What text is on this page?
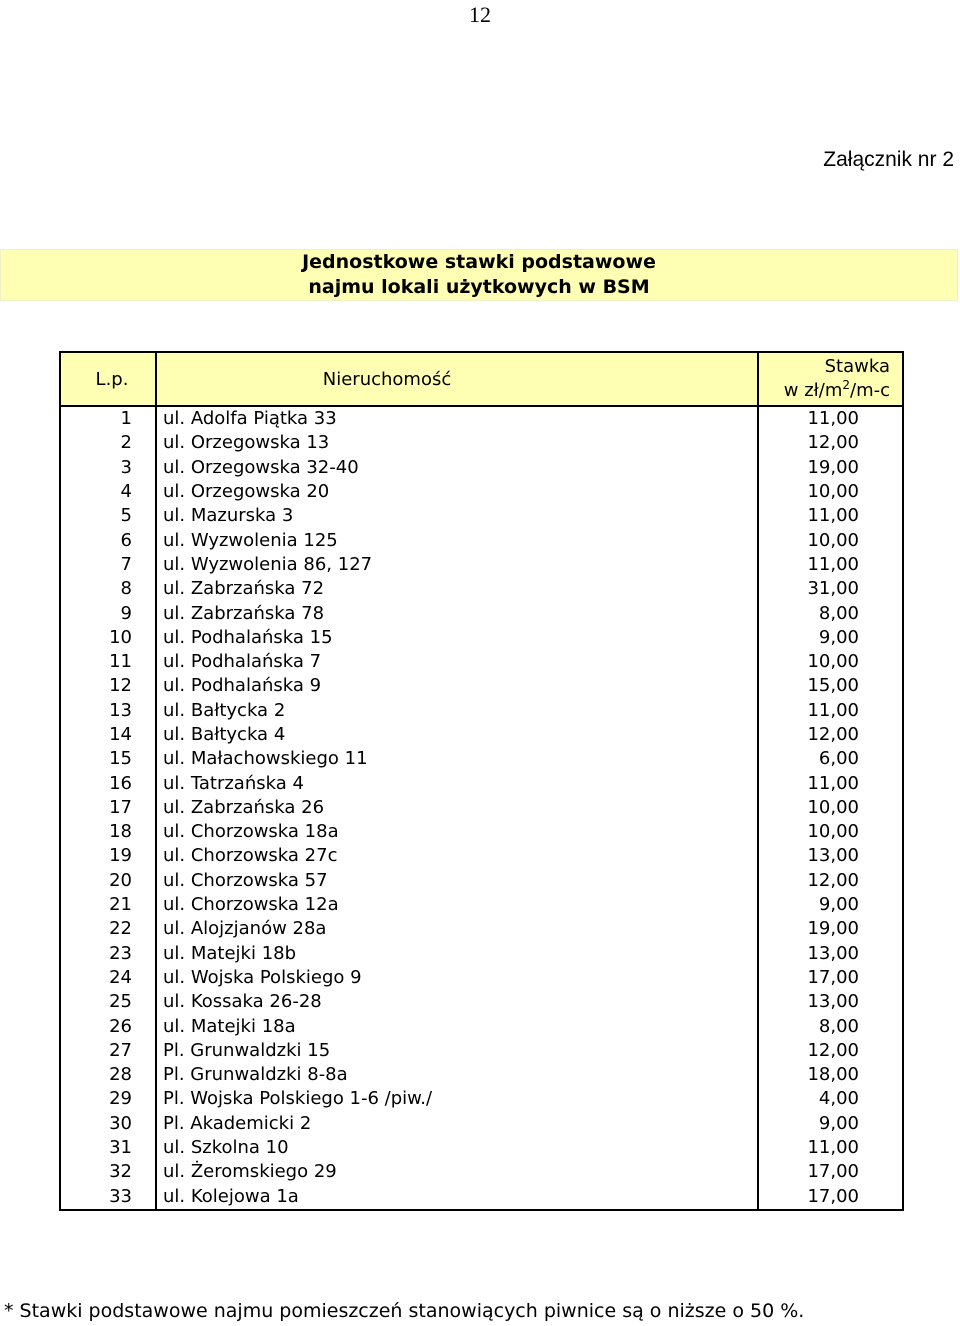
12
Załącznik nr 2
Jednostkowe stawki podstawowe
najmu lokali użytkowych w BSM
L.p.	Nieruchomość	Stawka
w $zł/m^2/m-c$

1	ul. Adolfa Piątka 33	11,00
2	ul. Orzegowska 13	12,00
3	ul. Orzegowska 32-40	19,00
4	ul. Orzegowska 20	10,00
5	ul. Mazurska 3	11,00
6	ul. Wyzwolenia 125	10,00
7	ul. Wyzwolenia 86, 127	11,00
8	ul. Zabrzańska 72	31,00
9	ul. Zabrzańska 78	8,00
10	ul. Podhalańska 15	9,00
11	ul. Podhalańska 7	10,00
12	ul. Podhalańska 9	15,00
13	ul. Bałtycka 2	11,00
14	ul. Bałtycka 4	12,00
15	ul. Małachowskiego 11	6,00
16	ul. Tatrzańska 4	11,00
17	ul. Zabrzańska 26	10,00
18	ul. Chorzowska 18a	10,00
19	ul. Chorzowska 27c	13,00
20	ul. Chorzowska 57	12,00
21	ul. Chorzowska 12a	9,00
22	ul. Alojzjanów 28a	19,00
23	ul. Matejki 18b	13,00
24	ul. Wojska Polskiego 9	17,00
25	ul. Kossaka 26-28	13,00
26	ul. Matejki 18a	8,00
27	Pl. Grunwaldzki 15	12,00
28	Pl. Grunwaldzki 8-8a	18,00
29	Pl. Wojska Polskiego 1-6 /piw./	4,00
30	Pl. Akademicki 2	9,00
31	ul. Szkolna 10	11,00
32	ul. Żeromskiego 29	17,00
33	ul. Kolejowa 1a	17,00
* Stawki podstawowe najmu pomieszczeń stanowiących piwnice są o niższe o 50 %.
